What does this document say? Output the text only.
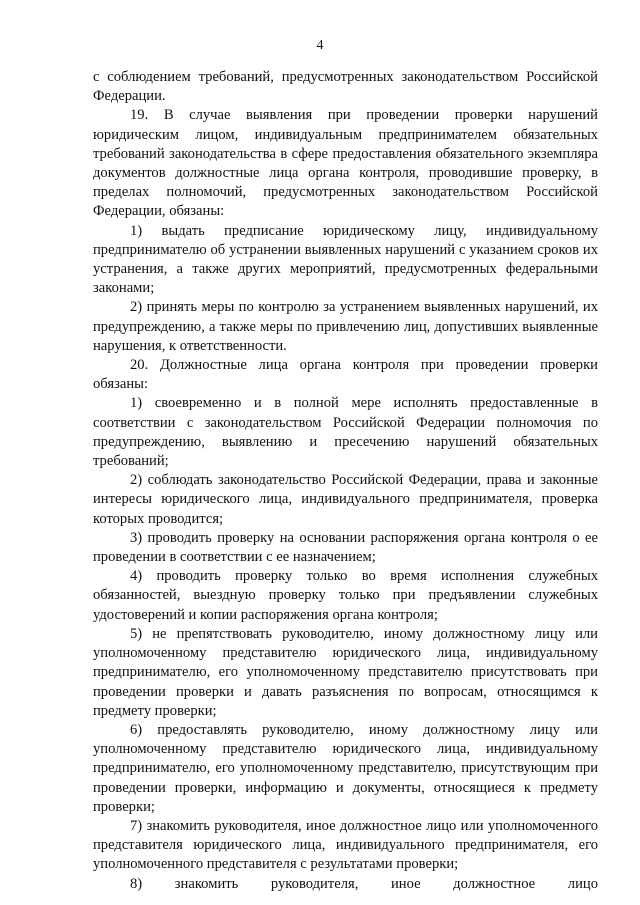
4

с соблюдением требований, предусмотренных законодательством Российской Федерации.

19. В случае выявления при проведении проверки нарушений юридическим лицом, индивидуальным предпринимателем обязательных требований законодательства в сфере предоставления обязательного экземпляра документов должностные лица органа контроля, проводившие проверку, в пределах полномочий, предусмотренных законодательством Российской Федерации, обязаны:

1) выдать предписание юридическому лицу, индивидуальному предпринимателю об устранении выявленных нарушений с указанием сроков их устранения, а также других мероприятий, предусмотренных федеральными законами;

2) принять меры по контролю за устранением выявленных нарушений, их предупреждению, а также меры по привлечению лиц, допустивших выявленные нарушения, к ответственности.

20. Должностные лица органа контроля при проведении проверки обязаны:

1) своевременно и в полной мере исполнять предоставленные в соответствии с законодательством Российской Федерации полномочия по предупреждению, выявлению и пресечению нарушений обязательных требований;

2) соблюдать законодательство Российской Федерации, права и законные интересы юридического лица, индивидуального предпринимателя, проверка которых проводится;

3) проводить проверку на основании распоряжения органа контроля о ее проведении в соответствии с ее назначением;

4) проводить проверку только во время исполнения служебных обязанностей, выездную проверку только при предъявлении служебных удостоверений и копии распоряжения органа контроля;

5) не препятствовать руководителю, иному должностному лицу или уполномоченному представителю юридического лица, индивидуальному предпринимателю, его уполномоченному представителю присутствовать при проведении проверки и давать разъяснения по вопросам, относящимся к предмету проверки;

6) предоставлять руководителю, иному должностному лицу или уполномоченному представителю юридического лица, индивидуальному предпринимателю, его уполномоченному представителю, присутствующим при проведении проверки, информацию и документы, относящиеся к предмету проверки;

7) знакомить руководителя, иное должностное лицо или уполномоченного представителя юридического лица, индивидуального предпринимателя, его уполномоченного представителя с результатами проверки;

8) знакомить руководителя, иное должностное лицо
